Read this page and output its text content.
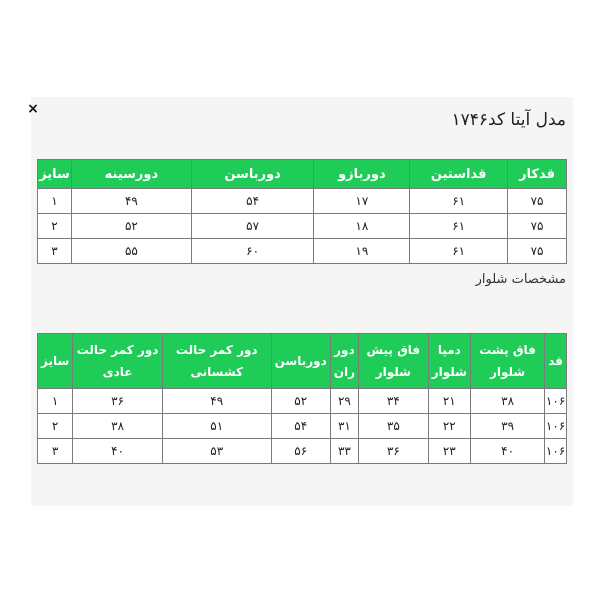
×
مدل آیتا کد۱۷۴۶
قدکار	قداستین	دوربازو	دورباسن	دورسینه	سایز
۷۵	۶۱	۱۷	۵۴	۴۹	۱
۷۵	۶۱	۱۸	۵۷	۵۲	۲
۷۵	۶۱	۱۹	۶۰	۵۵	۳
مشخصات شلوار
قد	فاق پشت شلوار	دمپا شلوار	فاق پیش شلوار	دور ران	دورباسن	دور کمر حالت کشسانی	دور کمر حالت عادی	سایز
۱۰۶	۳۸	۲۱	۳۴	۲۹	۵۲	۴۹	۳۶	۱
۱۰۶	۳۹	۲۲	۳۵	۳۱	۵۴	۵۱	۳۸	۲
۱۰۶	۴۰	۲۳	۳۶	۳۳	۵۶	۵۳	۴۰	۳
